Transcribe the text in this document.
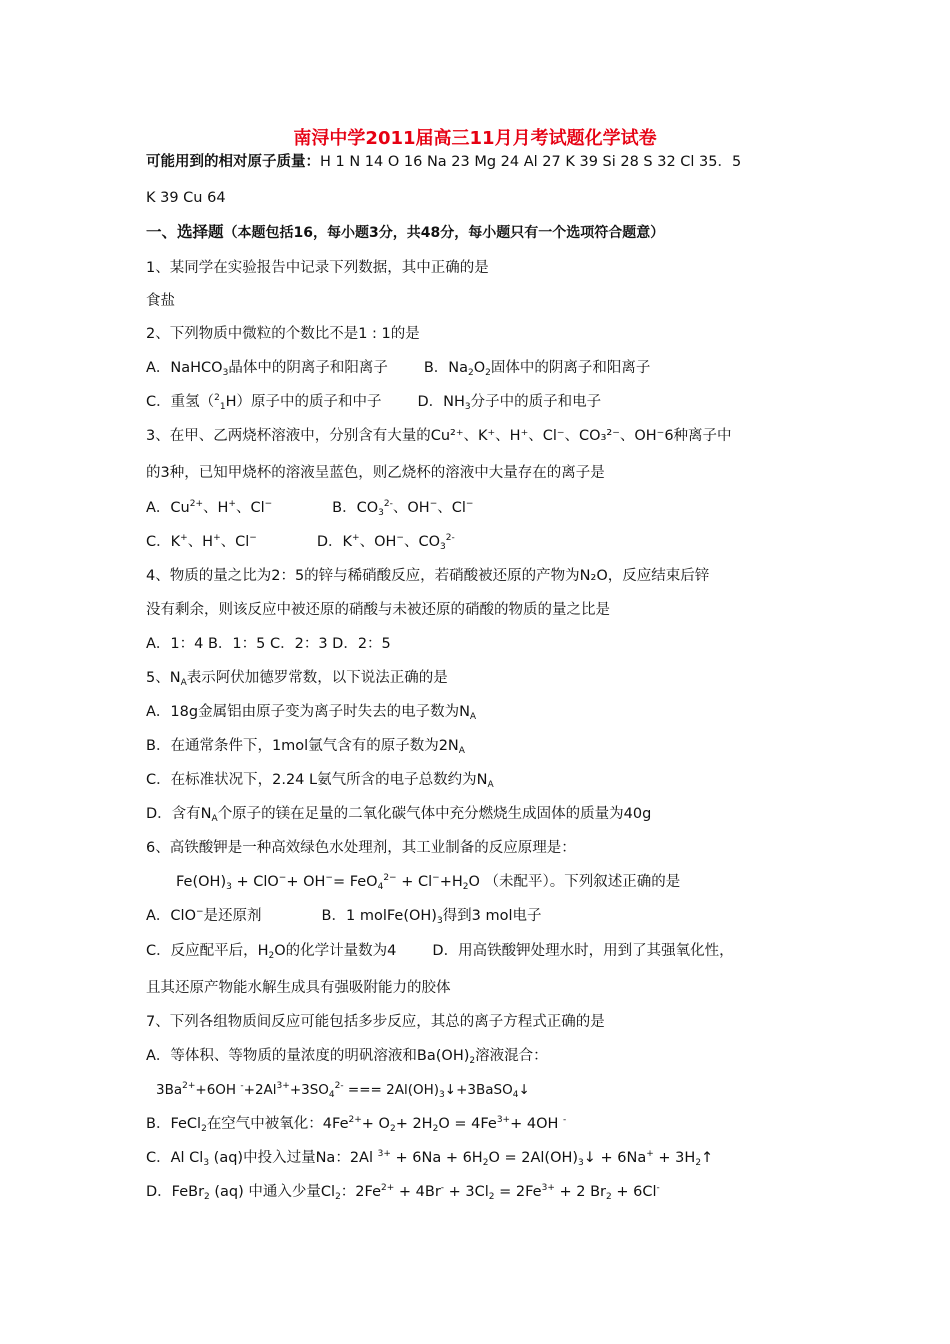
南浔中学2011届高三11月月考试题化学试卷
可能用到的相对原子质量：H 1 N 14 O 16 Na 23 Mg 24 Al 27 K 39 Si 28 S 32 Cl 35．5
K 39 Cu 64
一、选择题（本题包括16，每小题3分，共48分，每小题只有一个选项符合题意）
1、某同学在实验报告中记录下列数据，其中正确的是
食盐
2、下列物质中微粒的个数比不是1 : 1的是
A．NaHCO$_3$晶体中的阴离子和阳离子 B．$Na_2O_2$固体中的阴离子和阳离子
C．重氢（$^2_1$H）原子中的质子和中子 D．$NH_3$分子中的质子和电子
3、在甲、乙两烧杯溶液中，分别含有大量的Cu²⁺、K⁺、H⁺、Cl⁻、CO₃²⁻、OH⁻6种离子中
的3种，已知甲烧杯的溶液呈蓝色，则乙烧杯的溶液中大量存在的离子是
A．$Cu^{2+}$、H+、Cl−	B．$CO_3^{2-}$、OH−、Cl−
C．K+、H+、Cl−	D．K+、OH−、$CO_3^{2-}$
4、物质的量之比为2：5的锌与稀硝酸反应，若硝酸被还原的产物为N₂O，反应结束后锌
没有剩余，则该反应中被还原的硝酸与未被还原的硝酸的物质的量之比是
A．1：4 B．1：5 C．2：3 D．2：5
5、$N_A$表示阿伏加德罗常数，以下说法正确的是
A．18g金属铝由原子变为离子时失去的电子数为$N_A$
B．在通常条件下，1mol氩气含有的原子数为$2N_A$
C．在标准状况下，2.24 L氨气所含的电子总数约为$N_A$
D．含有$N_A$个原子的镁在足量的二氧化碳气体中充分燃烧生成固体的质量为40g
6、高铁酸钾是一种高效绿色水处理剂，其工业制备的反应原理是：
$Fe(OH)_3 + ClO^-+ OH^-= FeO_4^{2-} + Cl^-+H_2O$ （未配平）。下列叙述正确的是
A．ClO−是还原剂	B．1 $molFe(OH)_3$得到3 mol电子
C．反应配平后，$H_2O$的化学计量数为4 D．用高铁酸钾处理水时，用到了其强氧化性，
且其还原产物能水解生成具有强吸附能力的胶体
7、下列各组物质间反应可能包括多步反应，其总的离子方程式正确的是
A．等体积、等物质的量浓度的明矾溶液和$Ba(OH)_2$溶液混合：
$3Ba^{2+}+6OH$ $^-+2Al^{3+}+3SO_4^{2-}$ === $2Al(OH)_3↓+3BaSO_4↓$
B．FeCl$_2$在空气中被氧化：$4Fe^{2+}+ O_2+ 2H_2O = 4Fe^{3+}+ 4OH$ -
C．Al $Cl_3$ (aq)中投入过量Na：2Al $^{3+} + 6Na + 6H_2O$ = $2Al(OH)_3↓ + 6Na^+$ + $3H_2↑$
D．FeBr$_2$ (aq) 中通入少量$Cl_2$：$2Fe^{2+} + 4Br^- + 3Cl_2 = 2Fe^{3+} + 2$ $Br_2 + 6Cl^-$
